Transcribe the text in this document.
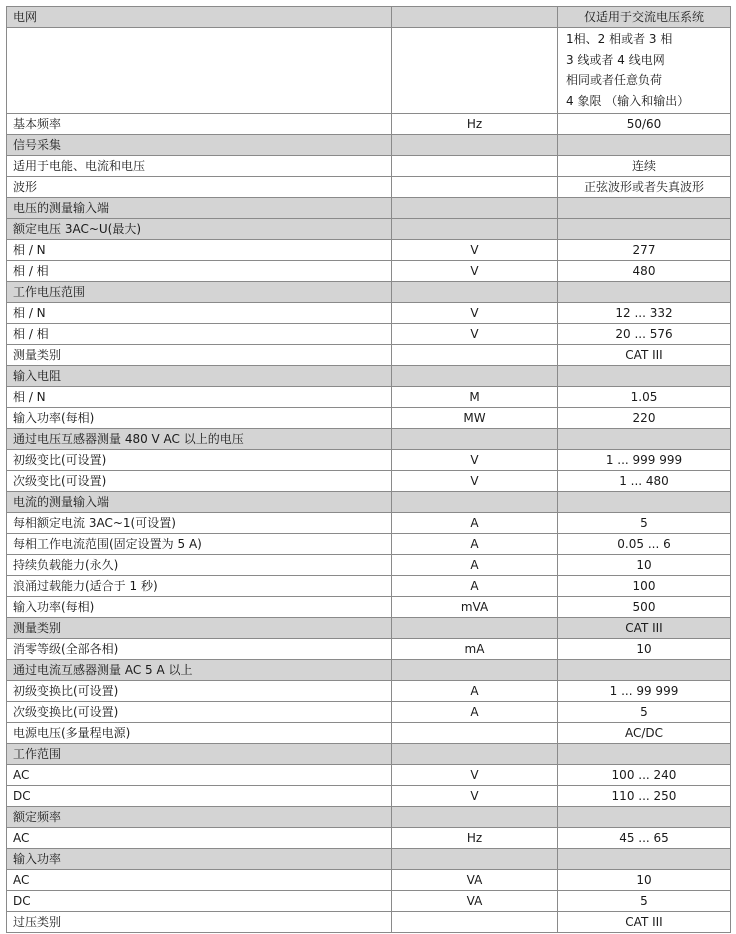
电网		仅适用于交流电压系统

		1相、2 相或者 3 相
3 线或者 4 线电网
相同或者任意负荷
4 象限 （输入和输出）

基本频率	Hz	50/60
信号采集		
适用于电能、电流和电压		连续
波形		正弦波形或者失真波形
电压的测量输入端		
额定电压 3AC~U(最大)		
相 / N	V	277
相 / 相	V	480
工作电压范围		
相 / N	V	12 ... 332
相 / 相	V	20 ... 576
测量类别		CAT III
输入电阻		
相 / N	M	1.05
输入功率(每相)	MW	220
通过电压互感器测量 480 V AC 以上的电压		
初级变比(可设置)	V	1 ... 999 999
次级变比(可设置)	V	1 ... 480
电流的测量输入端		
每相额定电流 3AC~1(可设置)	A	5
每相工作电流范围(固定设置为 5 A)	A	0.05 ... 6
持续负载能力(永久)	A	10
浪涌过载能力(适合于 1 秒)	A	100
输入功率(每相)	mVA	500
测量类别		CAT III
消零等级(全部各相)	mA	10
通过电流互感器测量 AC 5 A 以上		
初级变换比(可设置)	A	1 ... 99 999
次级变换比(可设置)	A	5
电源电压(多量程电源)		AC/DC
工作范围		
AC	V	100 ... 240
DC	V	110 ... 250
额定频率		
AC	Hz	45 ... 65
输入功率		
AC	VA	10
DC	VA	5
过压类别		CAT III
